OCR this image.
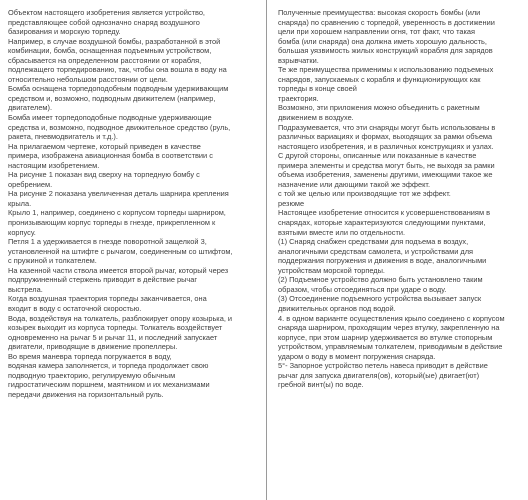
Объектом настоящего изобретения является устройство,

представляющее собой однозначно снаряд воздушного

базирования и морскую торпеду.

Например, в случае воздушной бомбы, разработанной в этой

комбинации, бомба, оснащенная подъемным устройством,

сбрасывается на определенном расстоянии от корабля,

подлежащего торпедированию, так, чтобы она вошла в воду на

относительно небольшом расстоянии от цели.

Бомба оснащена торпедоподобным подводным удерживающим

средством и, возможно, подводным движителем (например,

двигателем).

Бомба имеет торпедоподобные подводные удерживающие

средства и, возможно, подводное движительное средство (руль,

ракета, пневмодвигатель и т.д.).

На прилагаемом чертеже, который приведен в качестве

примера, изображена авиационная бомба в соответствии с

настоящим изобретением.

На рисунке 1 показан вид сверху на торпедную бомбу с

оребрением.

На рисунке 2 показана увеличенная деталь шарнира крепления

крыла.

Крыло 1, например, соединено с корпусом торпеды шарниром,

пронизывающим корпус торпеды в гнезде, прикрепленном к

корпусу.

Петля 1 а удерживается в гнезде поворотной защелкой 3,

установленной на штифте с рычагом, соединенным со штифтом,

с пружиной и толкателем.

На казенной части ствола имеется второй рычаг, который через

подпружиненный стержень приводит в действие рычаг

выстрела.

Когда воздушная траектория торпеды заканчивается, она

входит в воду с остаточной скоростью.

Вода, воздействуя на толкатель, разблокирует опору козырька, и

козырек выходит из корпуса торпеды. Толкатель воздействует

одновременно на рычаг 5 и рычаг 11, и последний запускает

двигатели, приводящие в движение пропеллеры.

Во время маневра торпеда погружается в воду,

водяная камера заполняется, и торпеда продолжает свою

подводную траекторию, регулируемую обычным

гидростатическим поршнем, маятником и их механизмами

передачи движения на горизонтальный руль.

Полученные преимущества: высокая скорость бомбы (или

снаряда) по сравнению с торпедой, уверенность в достижении

цели при хорошем направлении огня, тот факт, что такая

бомба (или снаряда) она должна иметь хорошую дальность,

большая уязвимость жилых конструкций корабля для зарядов

взрывчатки.

Те же преимущества применимы к использованию подъемных

снарядов, запускаемых с корабля и функционирующих как

торпеды в конце своей

траектория.

Возможно, эти приложения можно объединить с ракетным

движением в воздухе.

Подразумевается, что эти снаряды могут быть использованы в

различных вариациях и формах, выходящих за рамки объема

настоящего изобретения, и в различных конструкциях и узлах.

С другой стороны, описанные или показанные в качестве

примера элементы и средства могут быть, не выходя за рамки

объема изобретения, заменены другими, имеющими такое же

назначение или дающими такой же эффект.

с той же целью или производящие тот же эффект.

резюме

Настоящее изобретение относится к усовершенствованиям в

снарядах, которые характеризуются следующими пунктами,

взятыми вместе или по отдельности.

(1) Снаряд снабжен средствами для подъема в воздух,

аналогичными средствам самолета, и устройствами для

поддержания погружения и движения в воде, аналогичными

устройствам морской торпеды.

(2) Подъемное устройство должно быть установлено таким

образом, чтобы отсоединяться при ударе о воду.

(3) Отсоединение подъемного устройства вызывает запуск

движительных органов под водой.

4. в одном варианте осуществления крыло соединено с корпусом

снаряда шарниром, проходящим через втулку, закрепленную на

корпусе, при этом шарнир удерживается во втулке стопорным

устройством, управляемым толкателем, приводимым в действие

ударом о воду в момент погружения снаряда.

5°- Запорное устройство петель навеса приводит в действие

рычаг для запуска двигателя(ов), который(ые) двигает(ют)

гребной винт(ы) по воде.
